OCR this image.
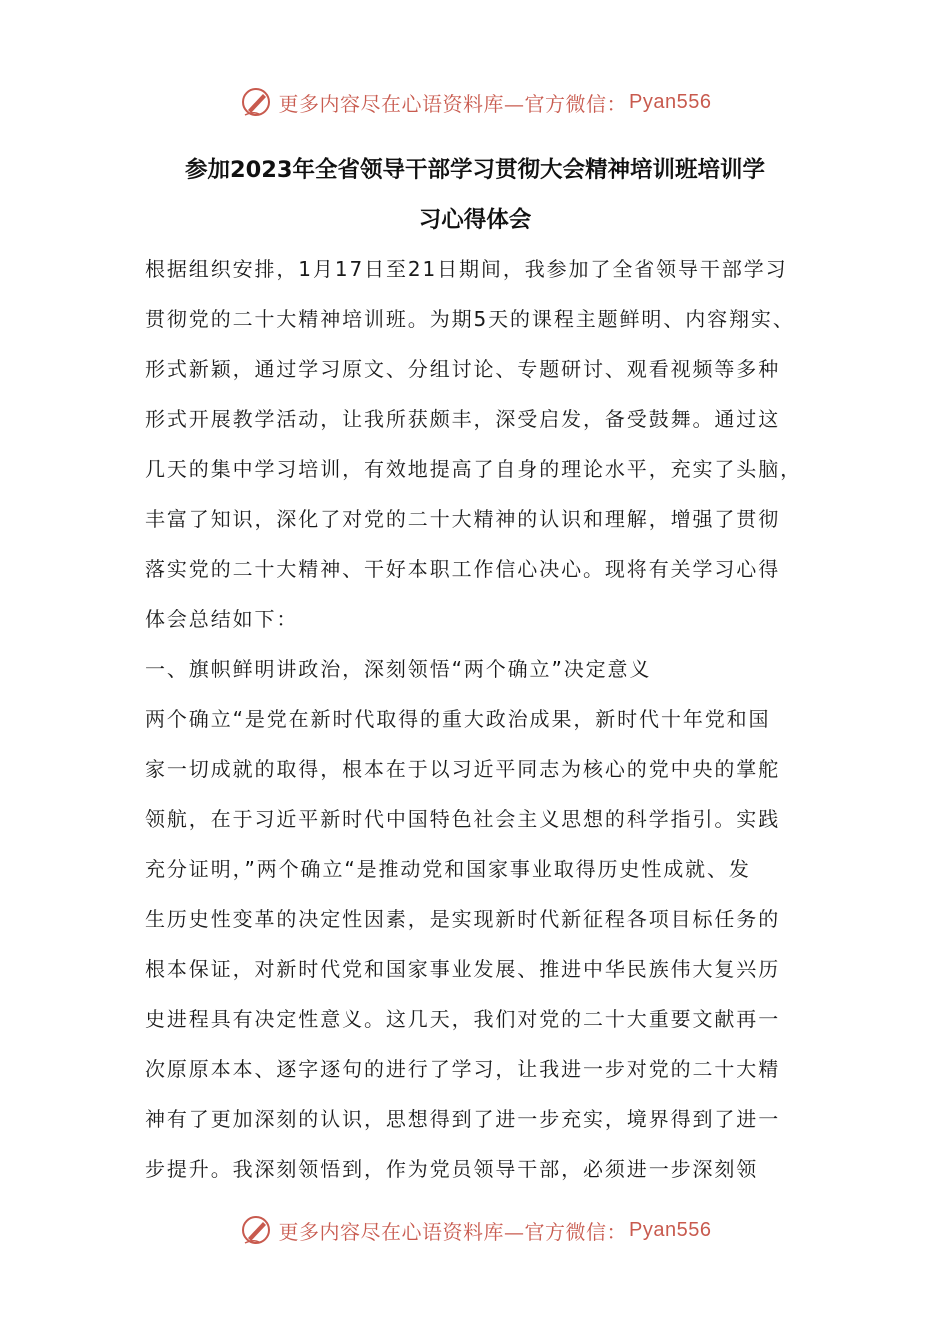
更多内容尽在心语资料库—官方微信： Pyan556
参加2023年全省领导干部学习贯彻大会精神培训班培训学
习心得体会
根据组织安排，1月17日至21日期间，我参加了全省领导干部学习
贯彻党的二十大精神培训班。为期5天的课程主题鲜明、内容翔实、
形式新颖，通过学习原文、分组讨论、专题研讨、观看视频等多种
形式开展教学活动，让我所获颇丰，深受启发，备受鼓舞。通过这
几天的集中学习培训，有效地提高了自身的理论水平，充实了头脑，
丰富了知识，深化了对党的二十大精神的认识和理解，增强了贯彻
落实党的二十大精神、干好本职工作信心决心。现将有关学习心得
体会总结如下：
一、旗帜鲜明讲政治，深刻领悟“两个确立”决定意义
两个确立“是党在新时代取得的重大政治成果，新时代十年党和国
家一切成就的取得，根本在于以习近平同志为核心的党中央的掌舵
领航，在于习近平新时代中国特色社会主义思想的科学指引。实践
充分证明，”两个确立“是推动党和国家事业取得历史性成就、发
生历史性变革的决定性因素，是实现新时代新征程各项目标任务的
根本保证，对新时代党和国家事业发展、推进中华民族伟大复兴历
史进程具有决定性意义。这几天，我们对党的二十大重要文献再一
次原原本本、逐字逐句的进行了学习，让我进一步对党的二十大精
神有了更加深刻的认识，思想得到了进一步充实，境界得到了进一
步提升。我深刻领悟到，作为党员领导干部，必须进一步深刻领
更多内容尽在心语资料库—官方微信： Pyan556
